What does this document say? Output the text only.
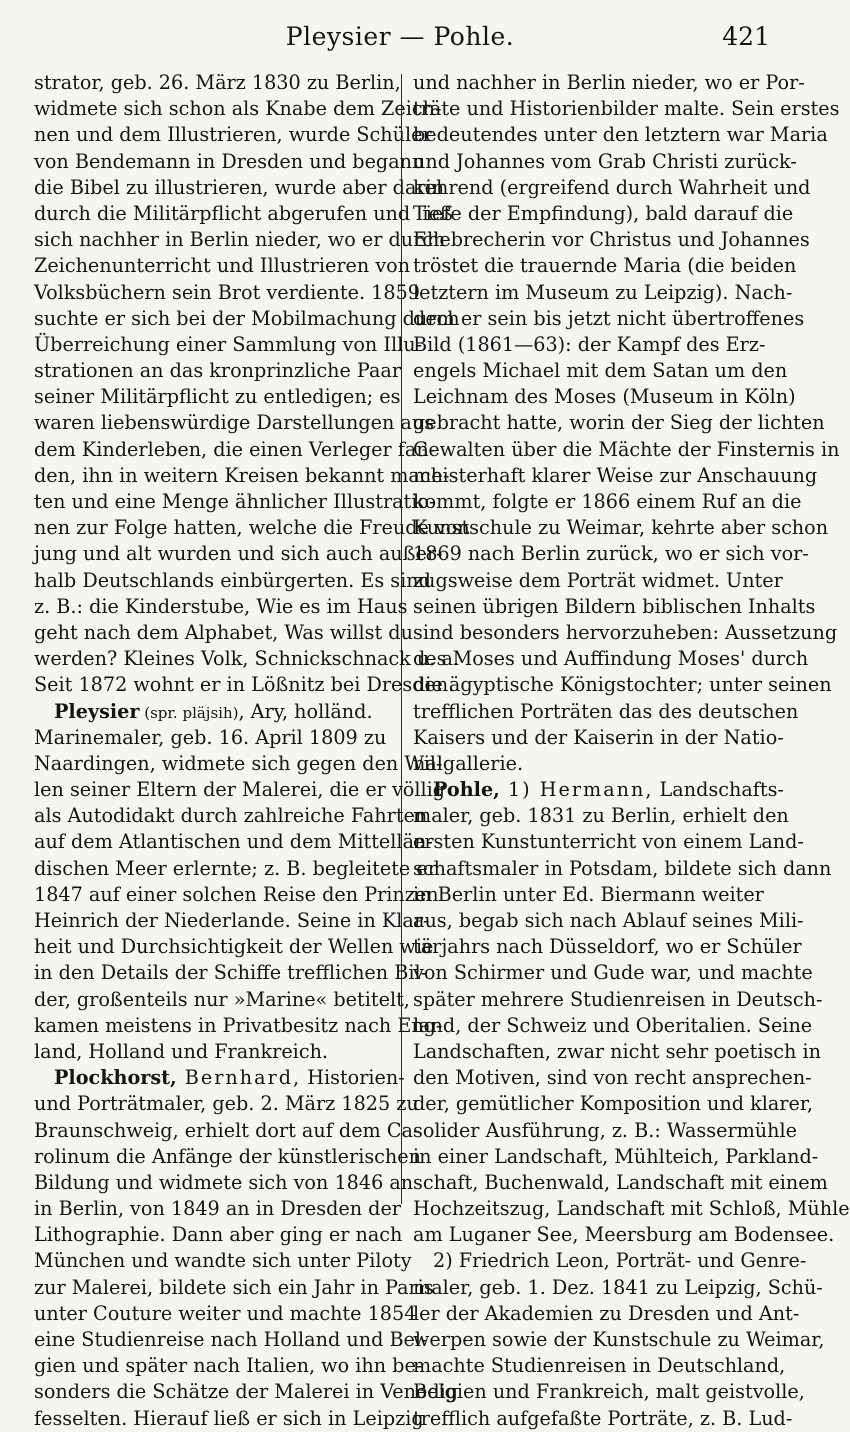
Pleysier — Pohle.	421
strator, geb. 26. März 1830 zu Berlin,
widmete sich schon als Knabe dem Zeich-
nen und dem Illustrieren, wurde Schüler
von Bendemann in Dresden und begann
die Bibel zu illustrieren, wurde aber darin
durch die Militärpflicht abgerufen und ließ
sich nachher in Berlin nieder, wo er durch
Zeichenunterricht und Illustrieren von
Volksbüchern sein Brot verdiente. 1859
suchte er sich bei der Mobilmachung durch
Überreichung einer Sammlung von Illu-
strationen an das kronprinzliche Paar
seiner Militärpflicht zu entledigen; es
waren liebenswürdige Darstellungen aus
dem Kinderleben, die einen Verleger fan-
den, ihn in weitern Kreisen bekannt mach-
ten und eine Menge ähnlicher Illustratio-
nen zur Folge hatten, welche die Freude von
jung und alt wurden und sich auch außer-
halb Deutschlands einbürgerten. Es sind
z. B.: die Kinderstube, Wie es im Haus
geht nach dem Alphabet, Was willst du
werden? Kleines Volk, Schnickschnack u. a.
Seit 1872 wohnt er in Lößnitz bei Dresden.
Pleysier (spr. pläjsih), Ary, holländ.
Marinemaler, geb. 16. April 1809 zu
Naardingen, widmete sich gegen den Wil-
len seiner Eltern der Malerei, die er völlig
als Autodidakt durch zahlreiche Fahrten
auf dem Atlantischen und dem Mittellän-
dischen Meer erlernte; z. B. begleitete er
1847 auf einer solchen Reise den Prinzen
Heinrich der Niederlande. Seine in Klar-
heit und Durchsichtigkeit der Wellen wie
in den Details der Schiffe trefflichen Bil-
der, großenteils nur »Marine« betitelt,
kamen meistens in Privatbesitz nach Eng-
land, Holland und Frankreich.
Plockhorst, Bernhard, Historien-
und Porträtmaler, geb. 2. März 1825 zu
Braunschweig, erhielt dort auf dem Ca-
rolinum die Anfänge der künstlerischen
Bildung und widmete sich von 1846 an
in Berlin, von 1849 an in Dresden der
Lithographie. Dann aber ging er nach
München und wandte sich unter Piloty
zur Malerei, bildete sich ein Jahr in Paris
unter Couture weiter und machte 1854
eine Studienreise nach Holland und Bel-
gien und später nach Italien, wo ihn be-
sonders die Schätze der Malerei in Venedig
fesselten. Hierauf ließ er sich in Leipzig
und nachher in Berlin nieder, wo er Por-
träte und Historienbilder malte. Sein erstes
bedeutendes unter den letztern war Maria
und Johannes vom Grab Christi zurück-
kehrend (ergreifend durch Wahrheit und
Tiefe der Empfindung), bald darauf die
Ehebrecherin vor Christus und Johannes
tröstet die trauernde Maria (die beiden
letztern im Museum zu Leipzig). Nach-
dem er sein bis jetzt nicht übertroffenes
Bild (1861—63): der Kampf des Erz-
engels Michael mit dem Satan um den
Leichnam des Moses (Museum in Köln)
gebracht hatte, worin der Sieg der lichten
Gewalten über die Mächte der Finsternis in
meisterhaft klarer Weise zur Anschauung
kommt, folgte er 1866 einem Ruf an die
Kunstschule zu Weimar, kehrte aber schon
1869 nach Berlin zurück, wo er sich vor-
zugsweise dem Porträt widmet. Unter
seinen übrigen Bildern biblischen Inhalts
sind besonders hervorzuheben: Aussetzung
des Moses und Auffindung Moses' durch
die ägyptische Königstochter; unter seinen
trefflichen Porträten das des deutschen
Kaisers und der Kaiserin in der Natio-
nalgallerie.
Pohle, 1) Hermann, Landschafts-
maler, geb. 1831 zu Berlin, erhielt den
ersten Kunstunterricht von einem Land-
schaftsmaler in Potsdam, bildete sich dann
in Berlin unter Ed. Biermann weiter
aus, begab sich nach Ablauf seines Mili-
tärjahrs nach Düsseldorf, wo er Schüler
von Schirmer und Gude war, und machte
später mehrere Studienreisen in Deutsch-
land, der Schweiz und Oberitalien. Seine
Landschaften, zwar nicht sehr poetisch in
den Motiven, sind von recht ansprechen-
der, gemütlicher Komposition und klarer,
solider Ausführung, z. B.: Wassermühle
in einer Landschaft, Mühlteich, Parkland-
schaft, Buchenwald, Landschaft mit einem
Hochzeitszug, Landschaft mit Schloß, Mühle
am Luganer See, Meersburg am Bodensee.
2) Friedrich Leon, Porträt- und Genre-
maler, geb. 1. Dez. 1841 zu Leipzig, Schü-
ler der Akademien zu Dresden und Ant-
werpen sowie der Kunstschule zu Weimar,
machte Studienreisen in Deutschland,
Belgien und Frankreich, malt geistvolle,
trefflich aufgefaßte Porträte, z. B. Lud-
